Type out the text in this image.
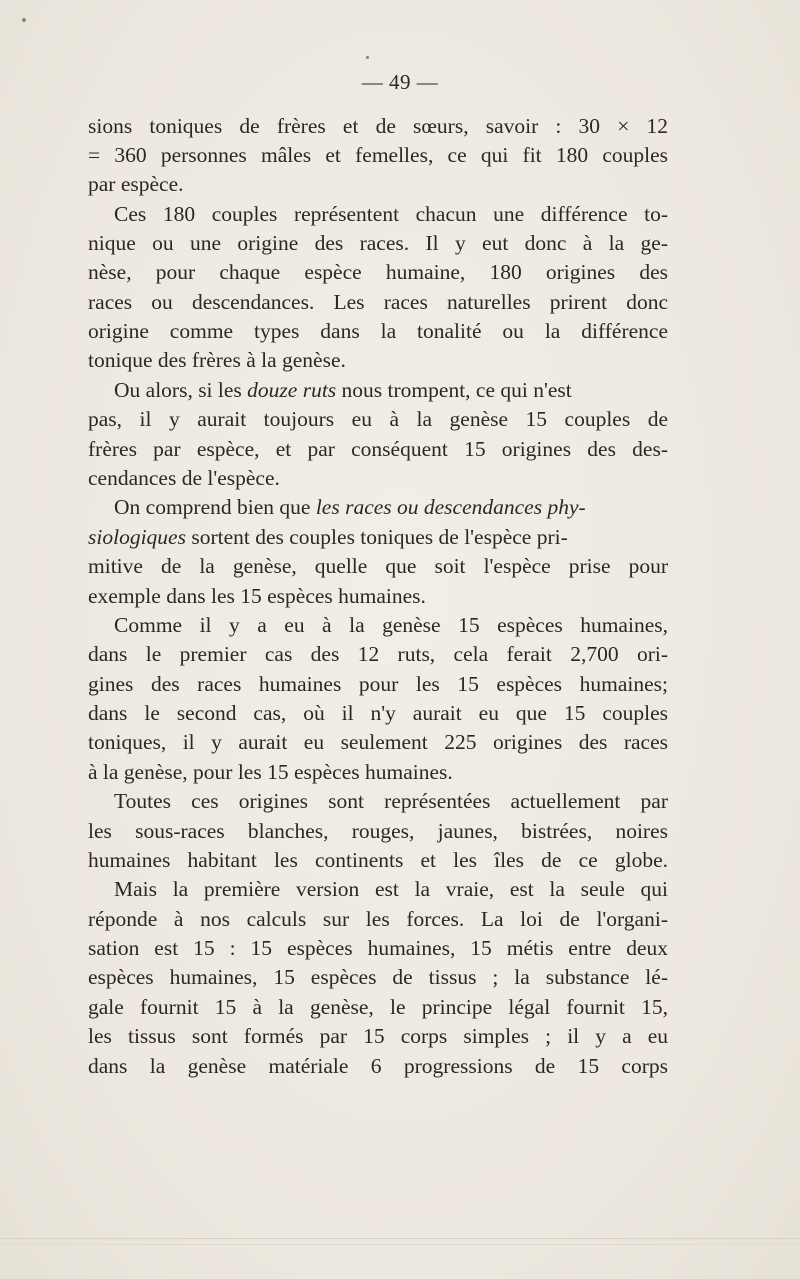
— 49 —
sions toniques de frères et de sœurs, savoir : 30 × 12
= 360 personnes mâles et femelles, ce qui fit 180 couples
par espèce.
Ces 180 couples représentent chacun une différence to-
nique ou une origine des races. Il y eut donc à la ge-
nèse, pour chaque espèce humaine, 180 origines des
races ou descendances. Les races naturelles prirent donc
origine comme types dans la tonalité ou la différence
tonique des frères à la genèse.
Ou alors, si les douze ruts nous trompent, ce qui n'est
pas, il y aurait toujours eu à la genèse 15 couples de
frères par espèce, et par conséquent 15 origines des des-
cendances de l'espèce.
On comprend bien que les races ou descendances phy-
siologiques sortent des couples toniques de l'espèce pri-
mitive de la genèse, quelle que soit l'espèce prise pour
exemple dans les 15 espèces humaines.
Comme il y a eu à la genèse 15 espèces humaines,
dans le premier cas des 12 ruts, cela ferait 2,700 ori-
gines des races humaines pour les 15 espèces humaines;
dans le second cas, où il n'y aurait eu que 15 couples
toniques, il y aurait eu seulement 225 origines des races
à la genèse, pour les 15 espèces humaines.
Toutes ces origines sont représentées actuellement par
les sous-races blanches, rouges, jaunes, bistrées, noires
humaines habitant les continents et les îles de ce globe.
Mais la première version est la vraie, est la seule qui
réponde à nos calculs sur les forces. La loi de l'organi-
sation est 15 : 15 espèces humaines, 15 métis entre deux
espèces humaines, 15 espèces de tissus ; la substance lé-
gale fournit 15 à la genèse, le principe légal fournit 15,
les tissus sont formés par 15 corps simples ; il y a eu
dans la genèse matériale 6 progressions de 15 corps
